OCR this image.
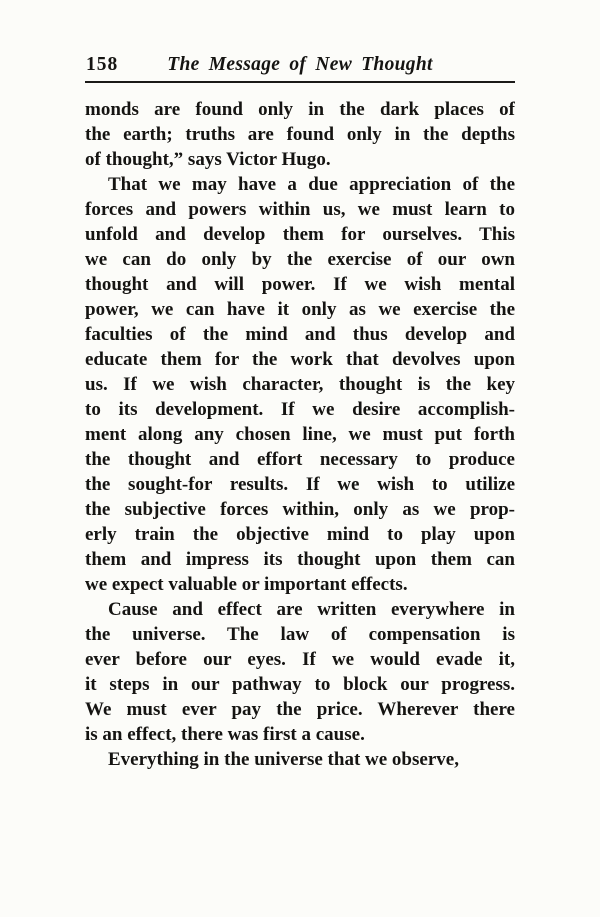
158	The Message of New Thought
monds are found only in the dark places of
the earth; truths are found only in the depths
of thought,” says Victor Hugo.
That we may have a due appreciation of the
forces and powers within us, we must learn to
unfold and develop them for ourselves. This
we can do only by the exercise of our own
thought and will power. If we wish mental
power, we can have it only as we exercise the
faculties of the mind and thus develop and
educate them for the work that devolves upon
us. If we wish character, thought is the key
to its development. If we desire accomplish-
ment along any chosen line, we must put forth
the thought and effort necessary to produce
the sought-for results. If we wish to utilize
the subjective forces within, only as we prop-
erly train the objective mind to play upon
them and impress its thought upon them can
we expect valuable or important effects.
Cause and effect are written everywhere in
the universe. The law of compensation is
ever before our eyes. If we would evade it,
it steps in our pathway to block our progress.
We must ever pay the price. Wherever there
is an effect, there was first a cause.
Everything in the universe that we observe,
